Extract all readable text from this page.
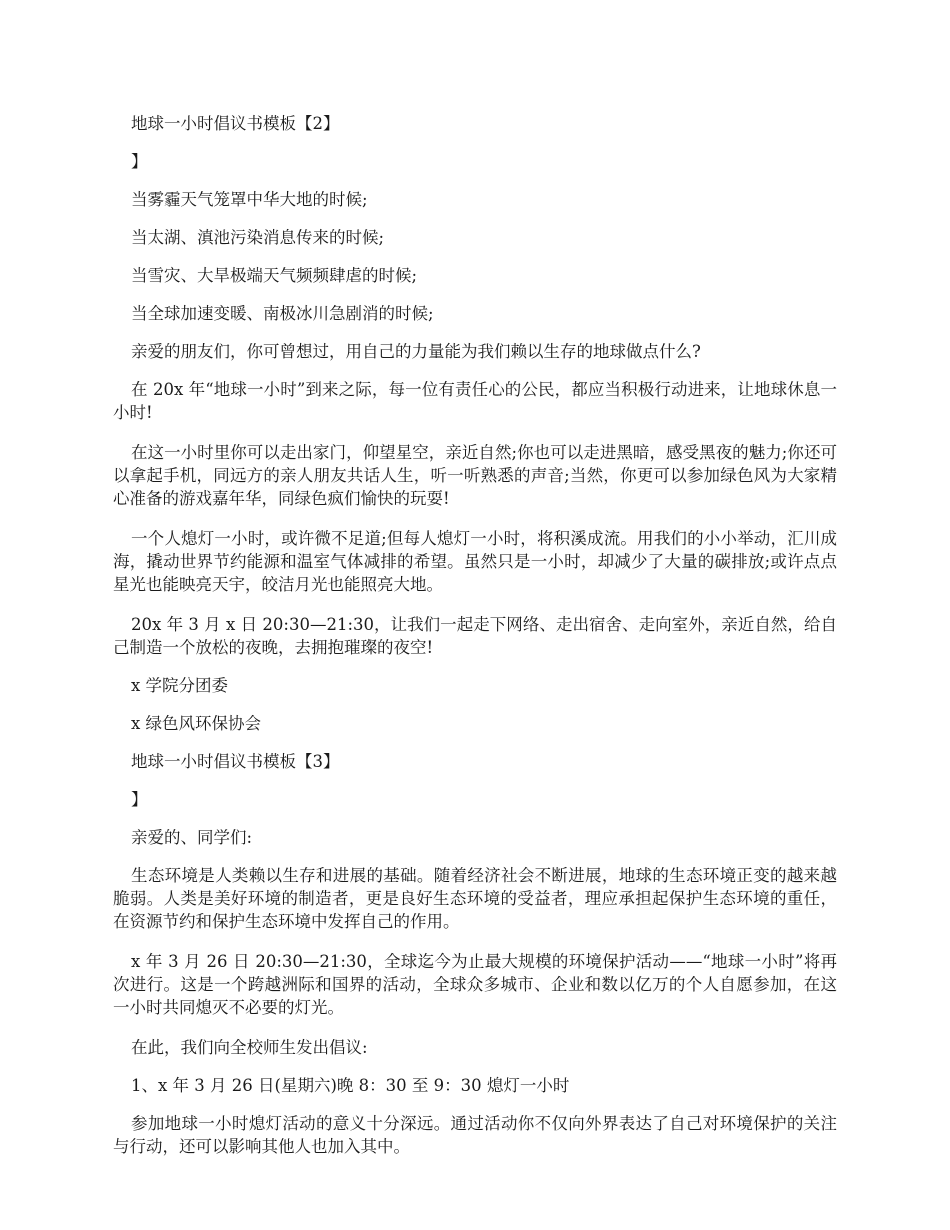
地球一小时倡议书模板【2】

】

当雾霾天气笼罩中华大地的时候;

当太湖、滇池污染消息传来的时候;

当雪灾、大旱极端天气频频肆虐的时候;

当全球加速变暖、南极冰川急剧消的时候;

亲爱的朋友们，你可曾想过，用自己的力量能为我们赖以生存的地球做点什么?

在 20x 年“地球一小时”到来之际，每一位有责任心的公民，都应当积极行动进来，让地球休息一小时!

在这一小时里你可以走出家门，仰望星空，亲近自然;你也可以走进黑暗，感受黑夜的魅力;你还可以拿起手机，同远方的亲人朋友共话人生，听一听熟悉的声音;当然，你更可以参加绿色风为大家精心准备的游戏嘉年华，同绿色疯们愉快的玩耍!

一个人熄灯一小时，或许微不足道;但每人熄灯一小时，将积溪成流。用我们的小小举动，汇川成海，撬动世界节约能源和温室气体减排的希望。虽然只是一小时，却减少了大量的碳排放;或许点点星光也能映亮天宇，皎洁月光也能照亮大地。

20x 年 3 月 x 日 20:30—21:30，让我们一起走下网络、走出宿舍、走向室外，亲近自然，给自己制造一个放松的夜晚，去拥抱璀璨的夜空!

x 学院分团委

x 绿色风环保协会

地球一小时倡议书模板【3】

】

亲爱的、同学们:

生态环境是人类赖以生存和进展的基础。随着经济社会不断进展，地球的生态环境正变的越来越脆弱。人类是美好环境的制造者，更是良好生态环境的受益者，理应承担起保护生态环境的重任，在资源节约和保护生态环境中发挥自己的作用。

x 年 3 月 26 日 20:30—21:30，全球迄今为止最大规模的环境保护活动——“地球一小时”将再次进行。这是一个跨越洲际和国界的活动，全球众多城市、企业和数以亿万的个人自愿参加，在这一小时共同熄灭不必要的灯光。

在此，我们向全校师生发出倡议:

1、x 年 3 月 26 日(星期六)晚 8：30 至 9：30 熄灯一小时

参加地球一小时熄灯活动的意义十分深远。通过活动你不仅向外界表达了自己对环境保护的关注与行动，还可以影响其他人也加入其中。
